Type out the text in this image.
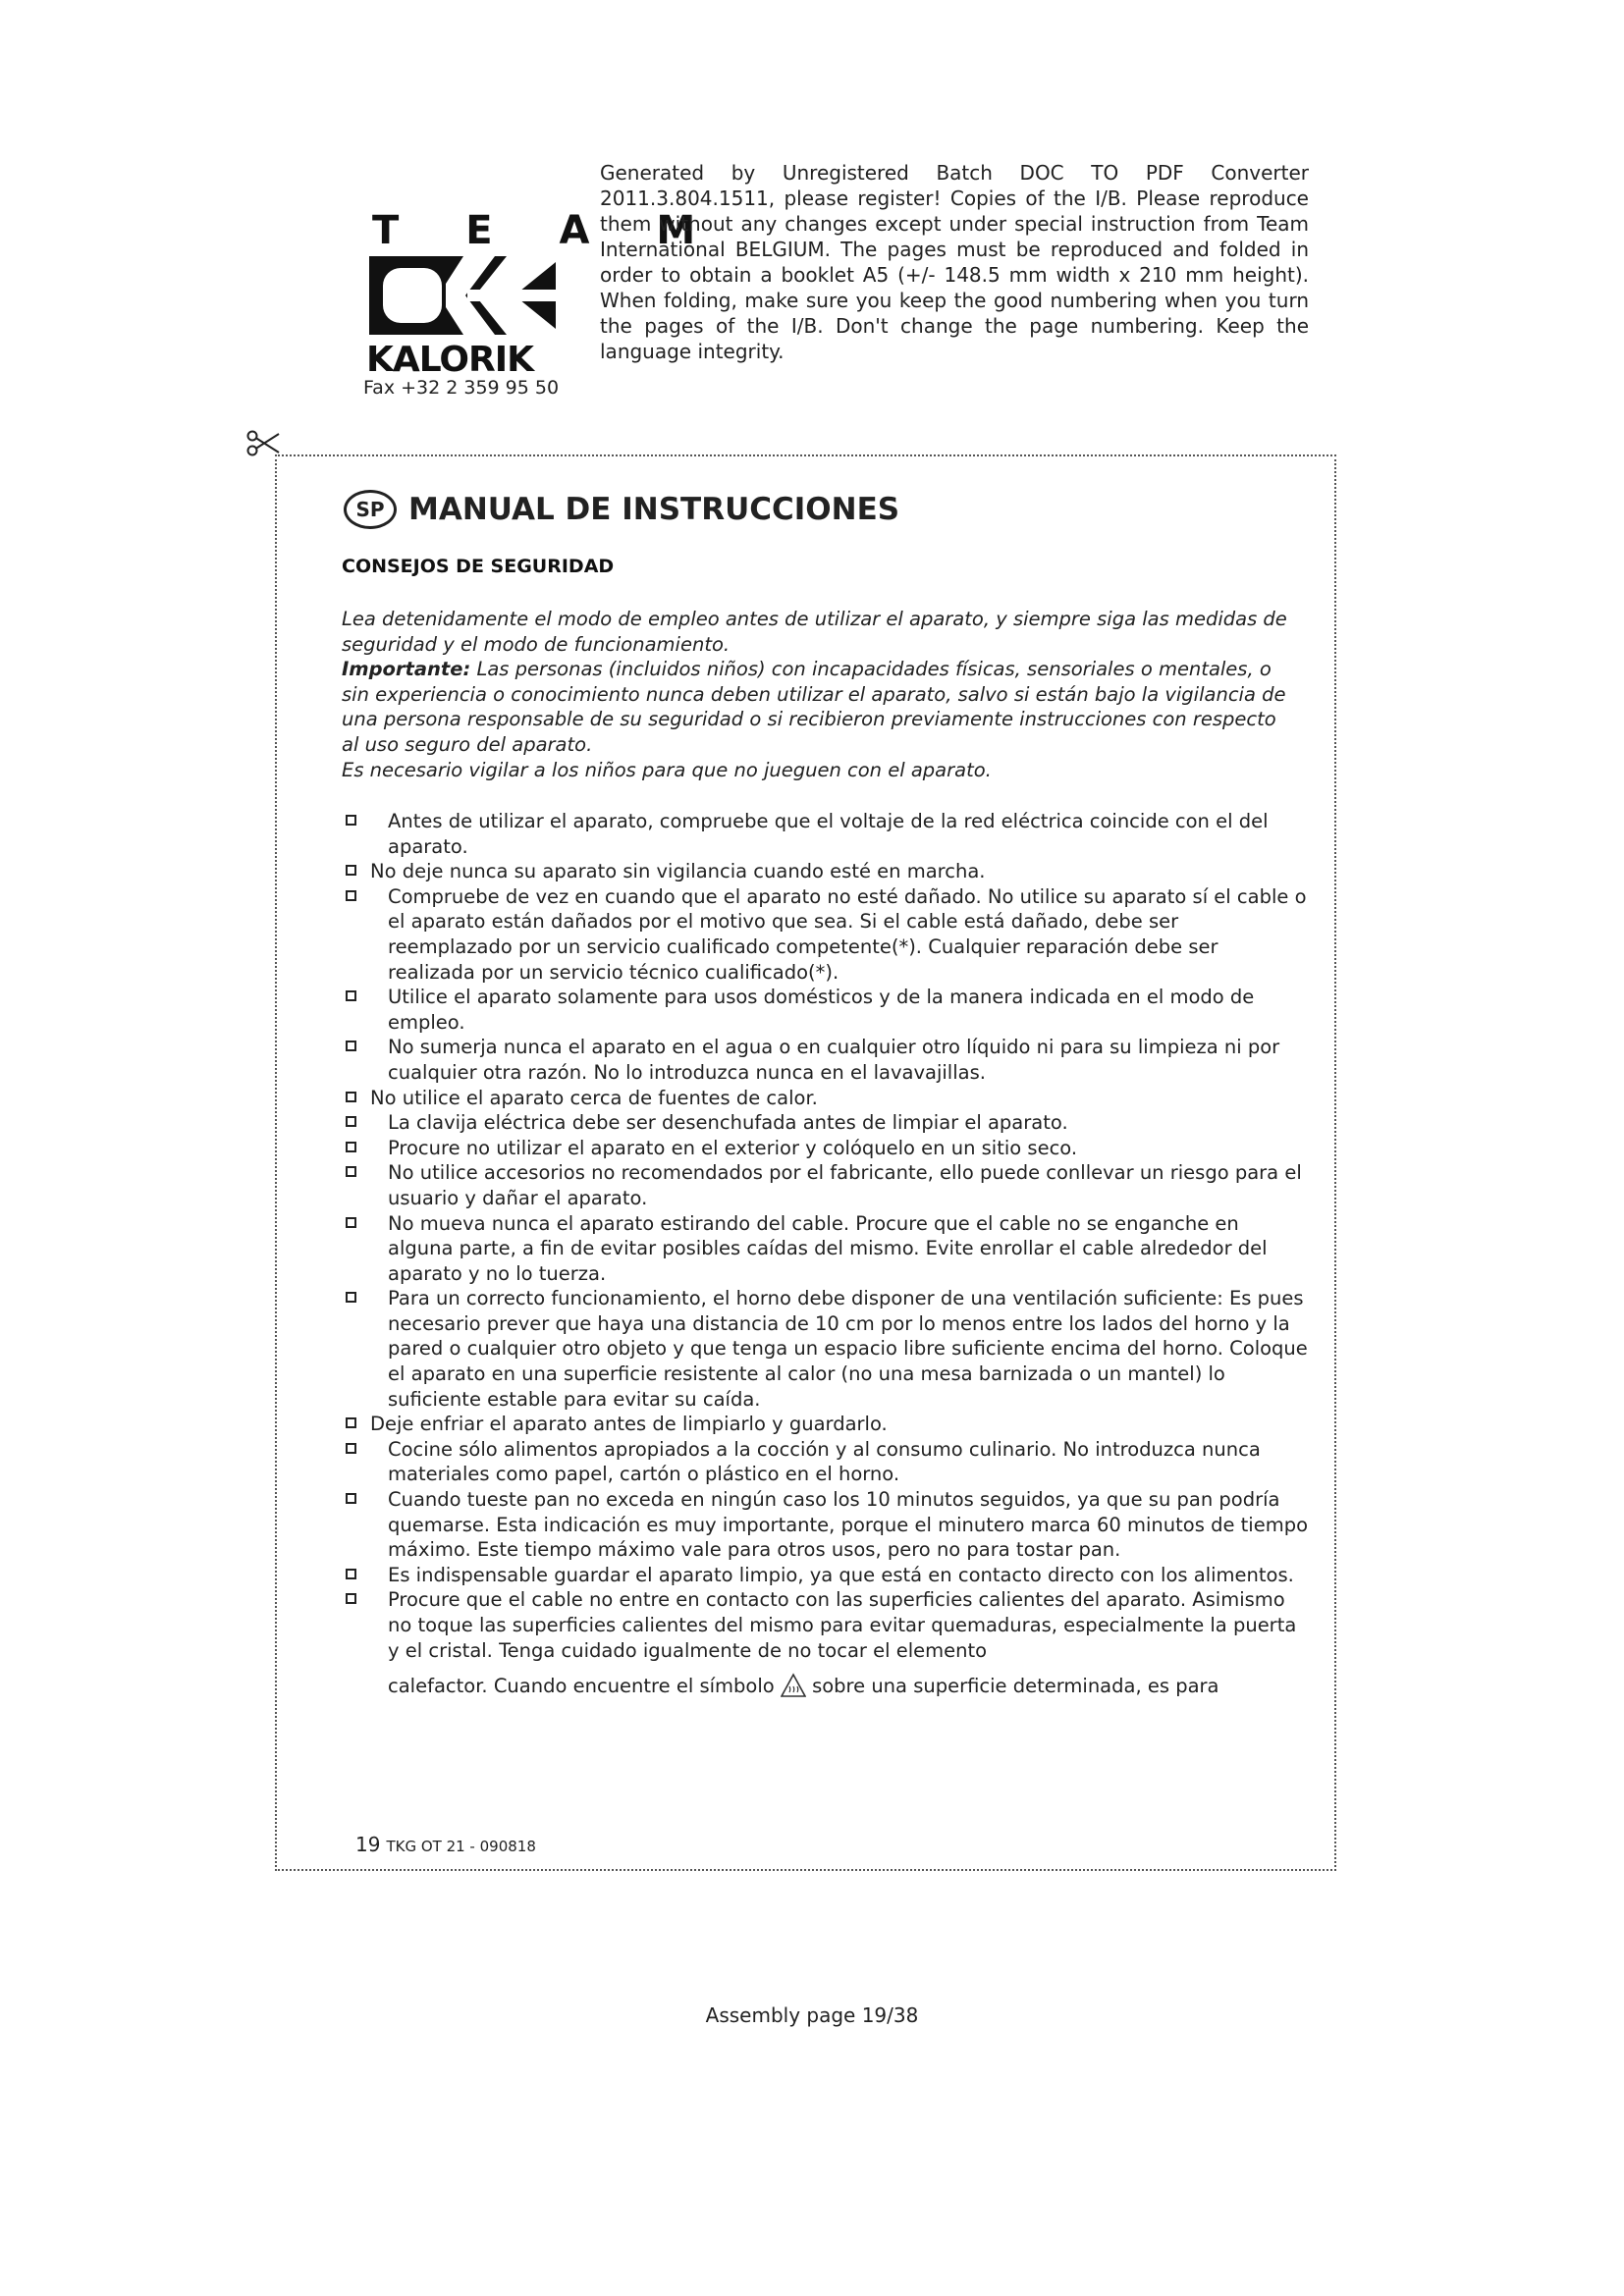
T E A M
KALORIK
Fax +32 2 359 95 50

Generated by Unregistered Batch DOC TO PDF Converter 2011.3.804.1511, please register! Copies of the I/B. Please reproduce them without any changes except under special instruction from Team International BELGIUM. The pages must be reproduced and folded in order to obtain a booklet A5 (+/- 148.5 mm width x 210 mm height). When folding, make sure you keep the good numbering when you turn the pages of the I/B. Don't change the page numbering. Keep the language integrity.

SP MANUAL DE INSTRUCCIONES
CONSEJOS DE SEGURIDAD

Lea detenidamente el modo de empleo antes de utilizar el aparato, y siempre siga las medidas de seguridad y el modo de funcionamiento.

Importante: Las personas (incluidos niños) con incapacidades físicas, sensoriales o mentales, o sin experiencia o conocimiento nunca deben utilizar el aparato, salvo si están bajo la vigilancia de una persona responsable de su seguridad o si recibieron previamente instrucciones con respecto al uso seguro del aparato.

Es necesario vigilar a los niños para que no jueguen con el aparato.

Antes de utilizar el aparato, compruebe que el voltaje de la red eléctrica coincide con el del aparato.
No deje nunca su aparato sin vigilancia cuando esté en marcha.
Compruebe de vez en cuando que el aparato no esté dañado. No utilice su aparato sí el cable o el aparato están dañados por el motivo que sea. Si el cable está dañado, debe ser reemplazado por un servicio cualificado competente(*). Cualquier reparación debe ser realizada por un servicio técnico cualificado(*).
Utilice el aparato solamente para usos domésticos y de la manera indicada en el modo de empleo.
No sumerja nunca el aparato en el agua o en cualquier otro líquido ni para su limpieza ni por cualquier otra razón. No lo introduzca nunca en el lavavajillas.
No utilice el aparato cerca de fuentes de calor.
La clavija eléctrica debe ser desenchufada antes de limpiar el aparato.
Procure no utilizar el aparato en el exterior y colóquelo en un sitio seco.
No utilice accesorios no recomendados por el fabricante, ello puede conllevar un riesgo para el usuario y dañar el aparato.
No mueva nunca el aparato estirando del cable. Procure que el cable no se enganche en alguna parte, a fin de evitar posibles caídas del mismo. Evite enrollar el cable alrededor del aparato y no lo tuerza.
Para un correcto funcionamiento, el horno debe disponer de una ventilación suficiente: Es pues necesario prever que haya una distancia de 10 cm por lo menos entre los lados del horno y la pared o cualquier otro objeto y que tenga un espacio libre suficiente encima del horno. Coloque el aparato en una superficie resistente al calor (no una mesa barnizada o un mantel) lo suficiente estable para evitar su caída.
Deje enfriar el aparato antes de limpiarlo y guardarlo.
Cocine sólo alimentos apropiados a la cocción y al consumo culinario. No introduzca nunca materiales como papel, cartón o plástico en el horno.
Cuando tueste pan no exceda en ningún caso los 10 minutos seguidos, ya que su pan podría quemarse. Esta indicación es muy importante, porque el minutero marca 60 minutos de tiempo máximo. Este tiempo máximo vale para otros usos, pero no para tostar pan.
Es indispensable guardar el aparato limpio, ya que está en contacto directo con los alimentos.
Procure que el cable no entre en contacto con las superficies calientes del aparato. Asimismo no toque las superficies calientes del mismo para evitar quemaduras, especialmente la puerta y el cristal. Tenga cuidado igualmente de no tocar el elemento
calefactor. Cuando encuentre el símbolo  sobre una superficie determinada, es para
19 TKG OT 21 - 090818
Assembly page 19/38
